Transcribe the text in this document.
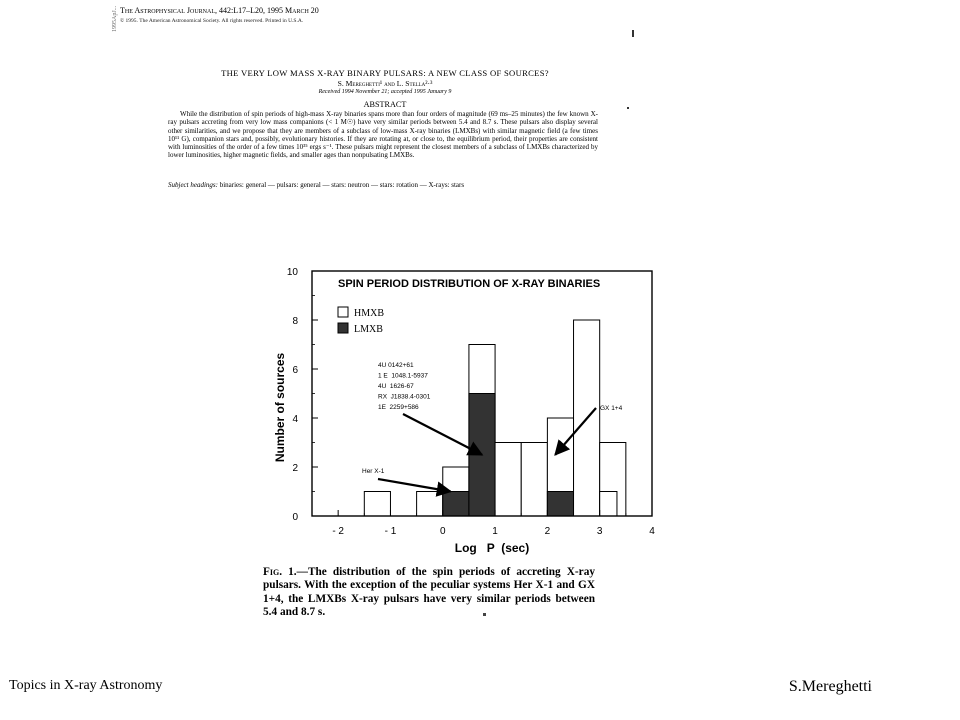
1995ApJ... The Astrophysical Journal, 442:L17–L20, 1995 March 20
© 1995. The American Astronomical Society. All rights reserved. Printed in U.S.A.
THE VERY LOW MASS X-RAY BINARY PULSARS: A NEW CLASS OF SOURCES?
S. Mereghetti¹ and L. Stella²·³
Received 1994 November 21; accepted 1995 January 9
ABSTRACT
While the distribution of spin periods of high-mass X-ray binaries spans more than four orders of magnitude (69 ms–25 minutes) the few known X-ray pulsars accreting from very low mass companions (< 1 M☉) have very similar periods between 5.4 and 8.7 s. These pulsars also display several other similarities, and we propose that they are members of a subclass of low-mass X-ray binaries (LMXBs) with similar magnetic field (a few times 10¹¹ G), companion stars and, possibly, evolutionary histories. If they are rotating at, or close to, the equilibrium period, their properties are consistent with luminosities of the order of a few times 10³⁵ ergs s⁻¹. These pulsars might represent the closest members of a subclass of LMXBs characterized by lower luminosities, higher magnetic fields, and smaller ages than nonpulsating LMXBs.
Subject headings: binaries: general — pulsars: general — stars: neutron — stars: rotation — X-rays: stars
0
2
4
6
8
10
- 2	- 1	0	1	2	3	4
Log   P  (sec)
Number of sources
SPIN PERIOD DISTRIBUTION OF X-RAY BINARIES
HMXB
LMXB
Her X-1
4U 0142+61
1 E  1048.1-5937
4U  1626-67
RX  J1838.4-0301
1E  2259+586	GX 1+4
Fig. 1.—The distribution of the spin periods of accreting X-ray pulsars. With the exception of the peculiar systems Her X-1 and GX 1+4, the LMXBs X-ray pulsars have very similar periods between 5.4 and 8.7 s.
Topics in X-ray Astronomy	S.Mereghetti
